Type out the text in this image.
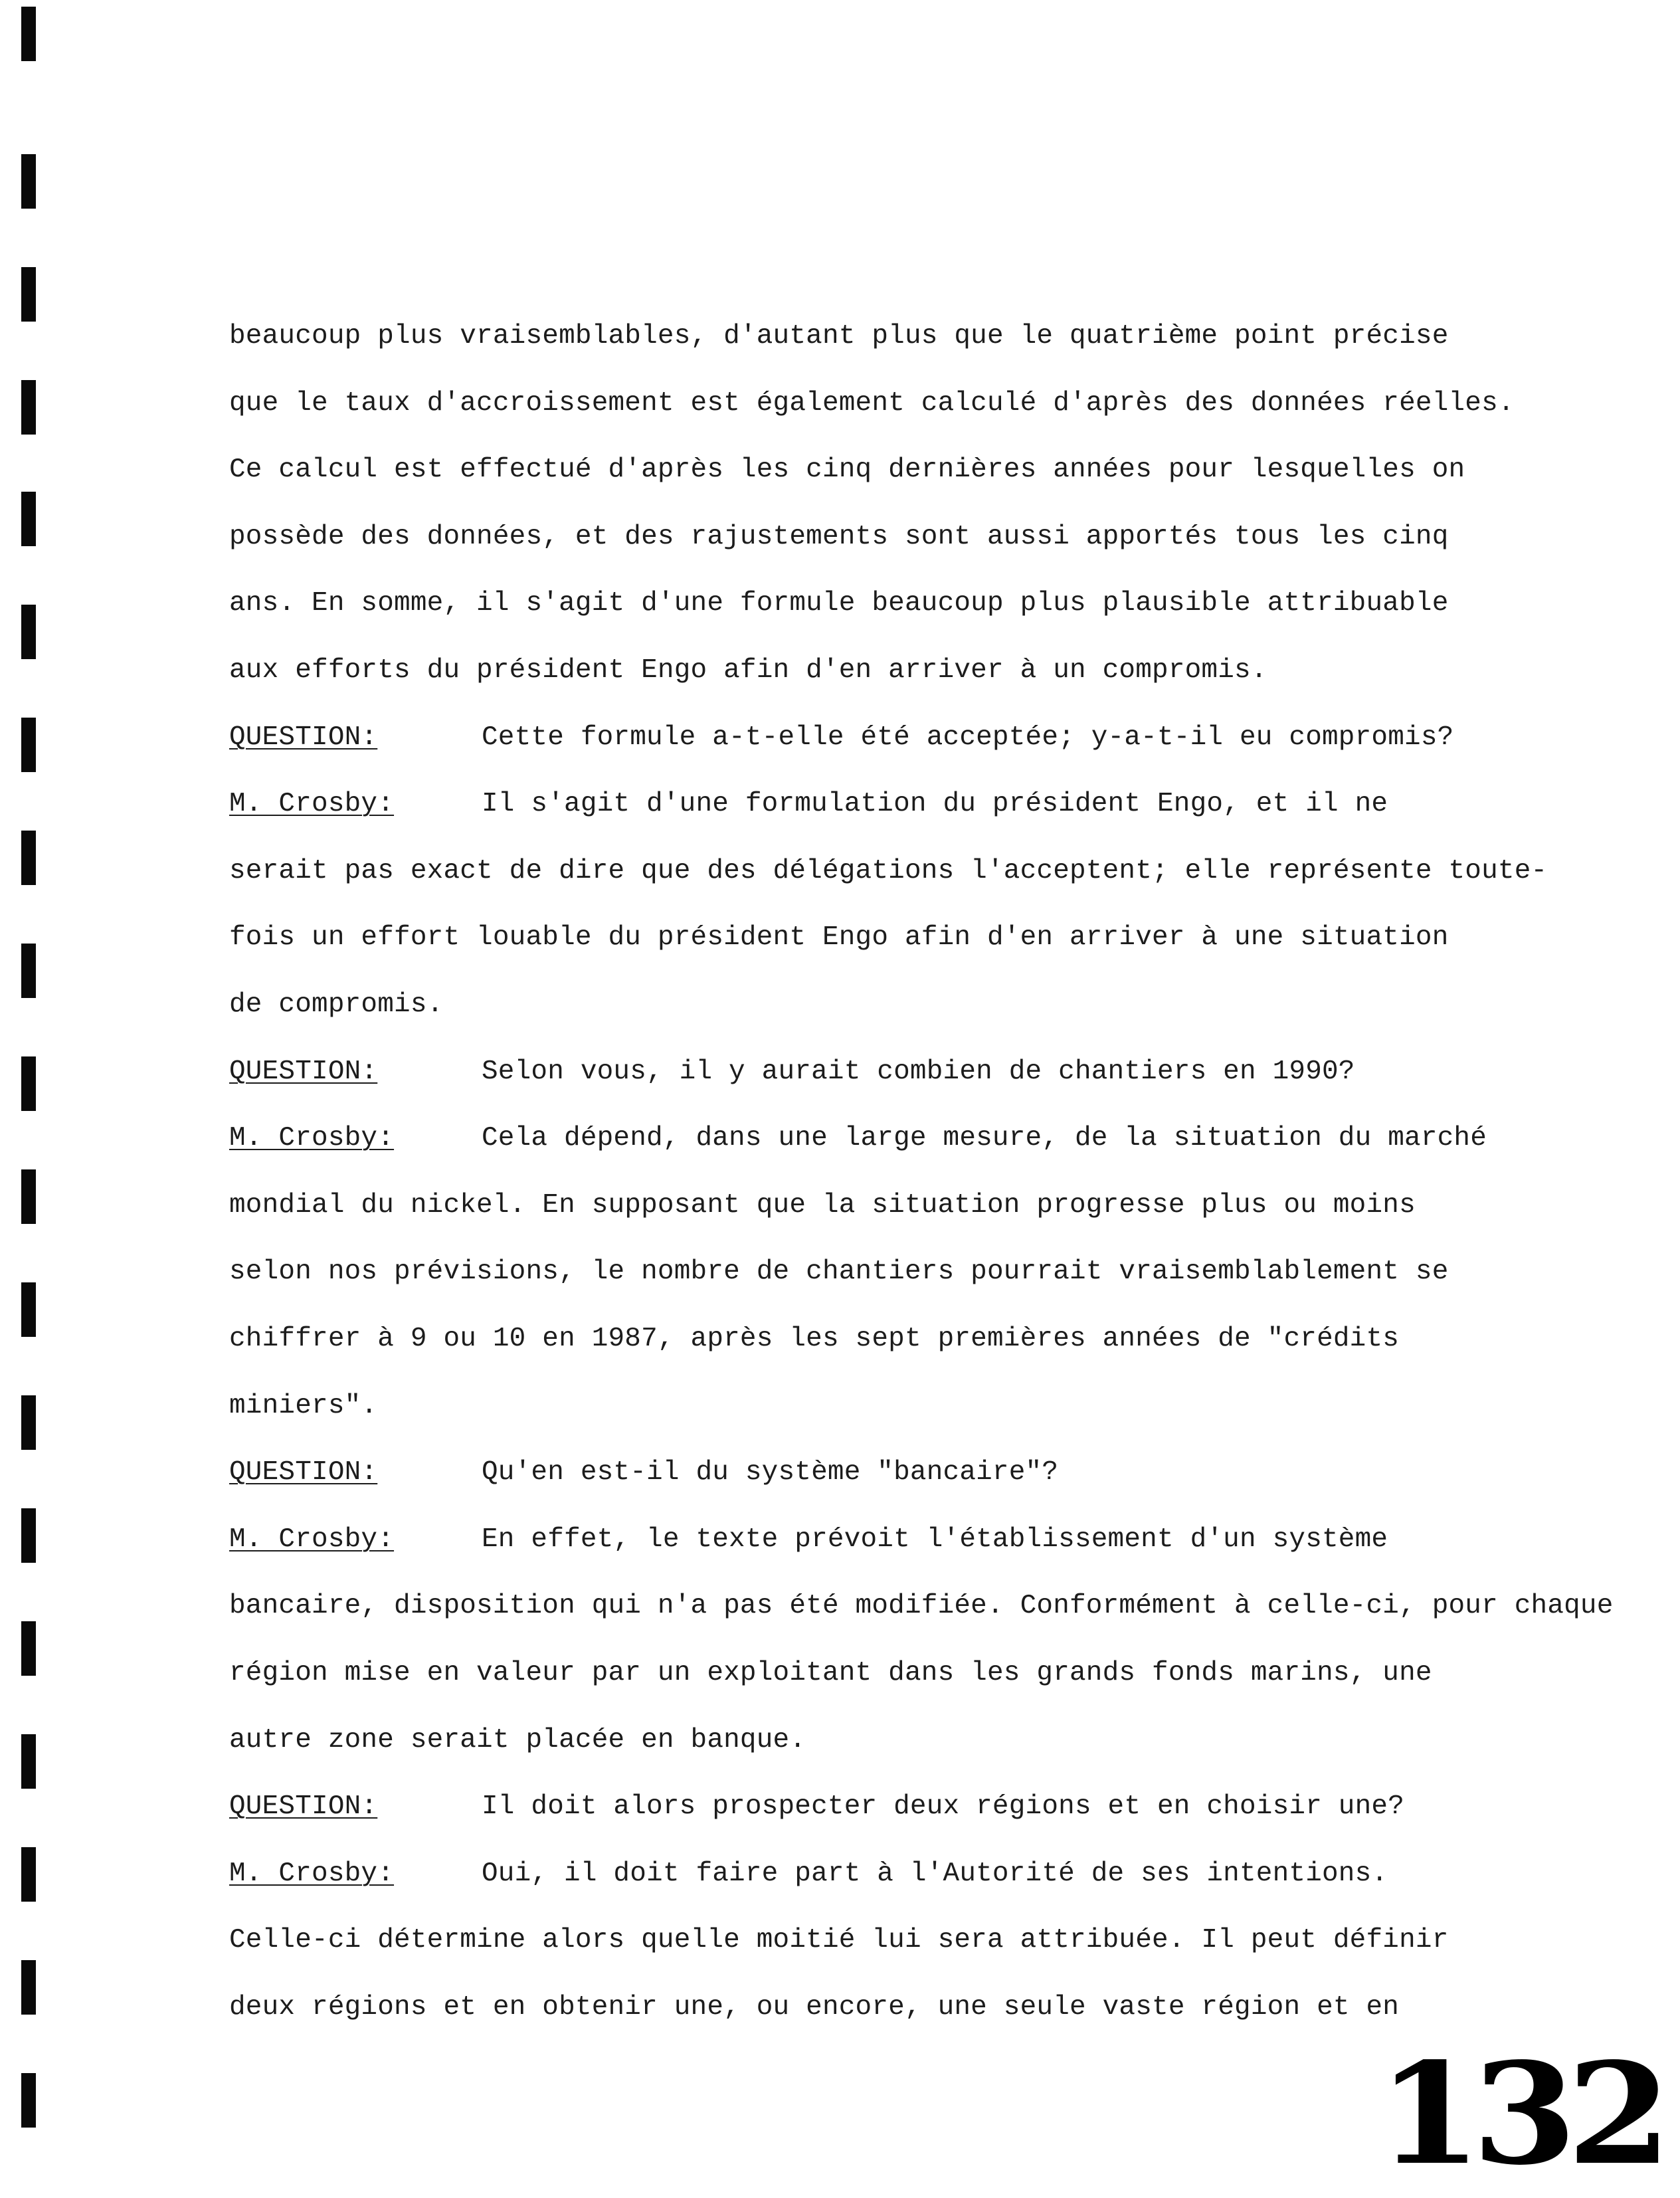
beaucoup plus vraisemblables, d'autant plus que le quatrième point précise
que le taux d'accroissement est également calculé d'après des données réelles.
Ce calcul est effectué d'après les cinq dernières années pour lesquelles on
possède des données, et des rajustements sont aussi apportés tous les cinq
ans. En somme, il s'agit d'une formule beaucoup plus plausible attribuable
aux efforts du président Engo afin d'en arriver à un compromis.
QUESTION:	Cette formule a-t-elle été acceptée; y-a-t-il eu compromis?
M. Crosby:	Il s'agit d'une formulation du président Engo, et il ne
serait pas exact de dire que des délégations l'acceptent; elle représente toute-
fois un effort louable du président Engo afin d'en arriver à une situation
de compromis.
QUESTION:	Selon vous, il y aurait combien de chantiers en 1990?
M. Crosby:	Cela dépend, dans une large mesure, de la situation du marché
mondial du nickel. En supposant que la situation progresse plus ou moins
selon nos prévisions, le nombre de chantiers pourrait vraisemblablement se
chiffrer à 9 ou 10 en 1987, après les sept premières années de "crédits
miniers".
QUESTION:	Qu'en est-il du système "bancaire"?
M. Crosby:	En effet, le texte prévoit l'établissement d'un système
bancaire, disposition qui n'a pas été modifiée. Conformément à celle-ci, pour chaque
région mise en valeur par un exploitant dans les grands fonds marins, une
autre zone serait placée en banque.
QUESTION:	Il doit alors prospecter deux régions et en choisir une?
M. Crosby:	Oui, il doit faire part à l'Autorité de ses intentions.
Celle-ci détermine alors quelle moitié lui sera attribuée. Il peut définir
deux régions et en obtenir une, ou encore, une seule vaste région et en
132
